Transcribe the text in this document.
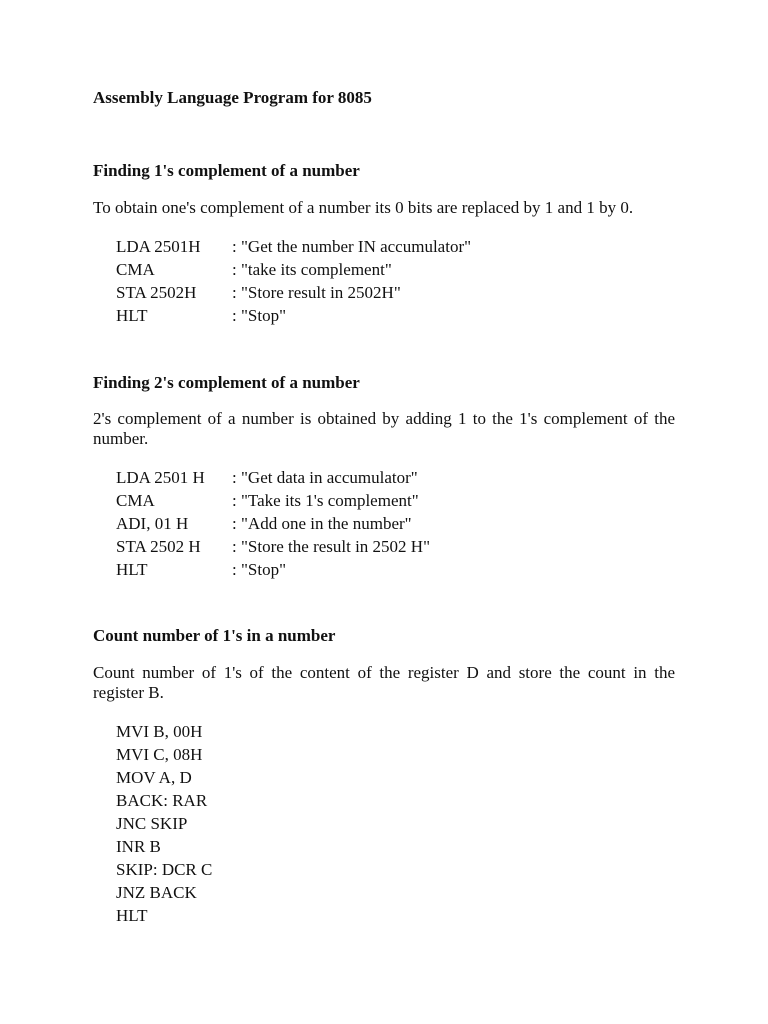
Assembly Language Program for 8085
Finding 1's complement of a number
To obtain one's complement of a number its 0 bits are replaced by 1 and 1 by 0.
LDA 2501H : "Get the number IN accumulator"
CMA	: "take its complement"
STA 2502H : "Store result in 2502H"
HLT	: "Stop"
Finding 2's complement of a number
2's complement of a number is obtained by adding 1 to the 1's complement of the number.
LDA 2501 H : "Get data in accumulator"
CMA	: "Take its 1's complement"
ADI, 01 H	: "Add one in the number"
STA 2502 H : "Store the result in 2502 H"
HLT	: "Stop"
Count number of 1's in a number
Count number of 1's of the content of the register D and store the count in the register B.
MVI B, 00H
MVI C, 08H
MOV A, D
BACK: RAR
JNC SKIP
INR B
SKIP: DCR C
JNZ BACK
HLT
